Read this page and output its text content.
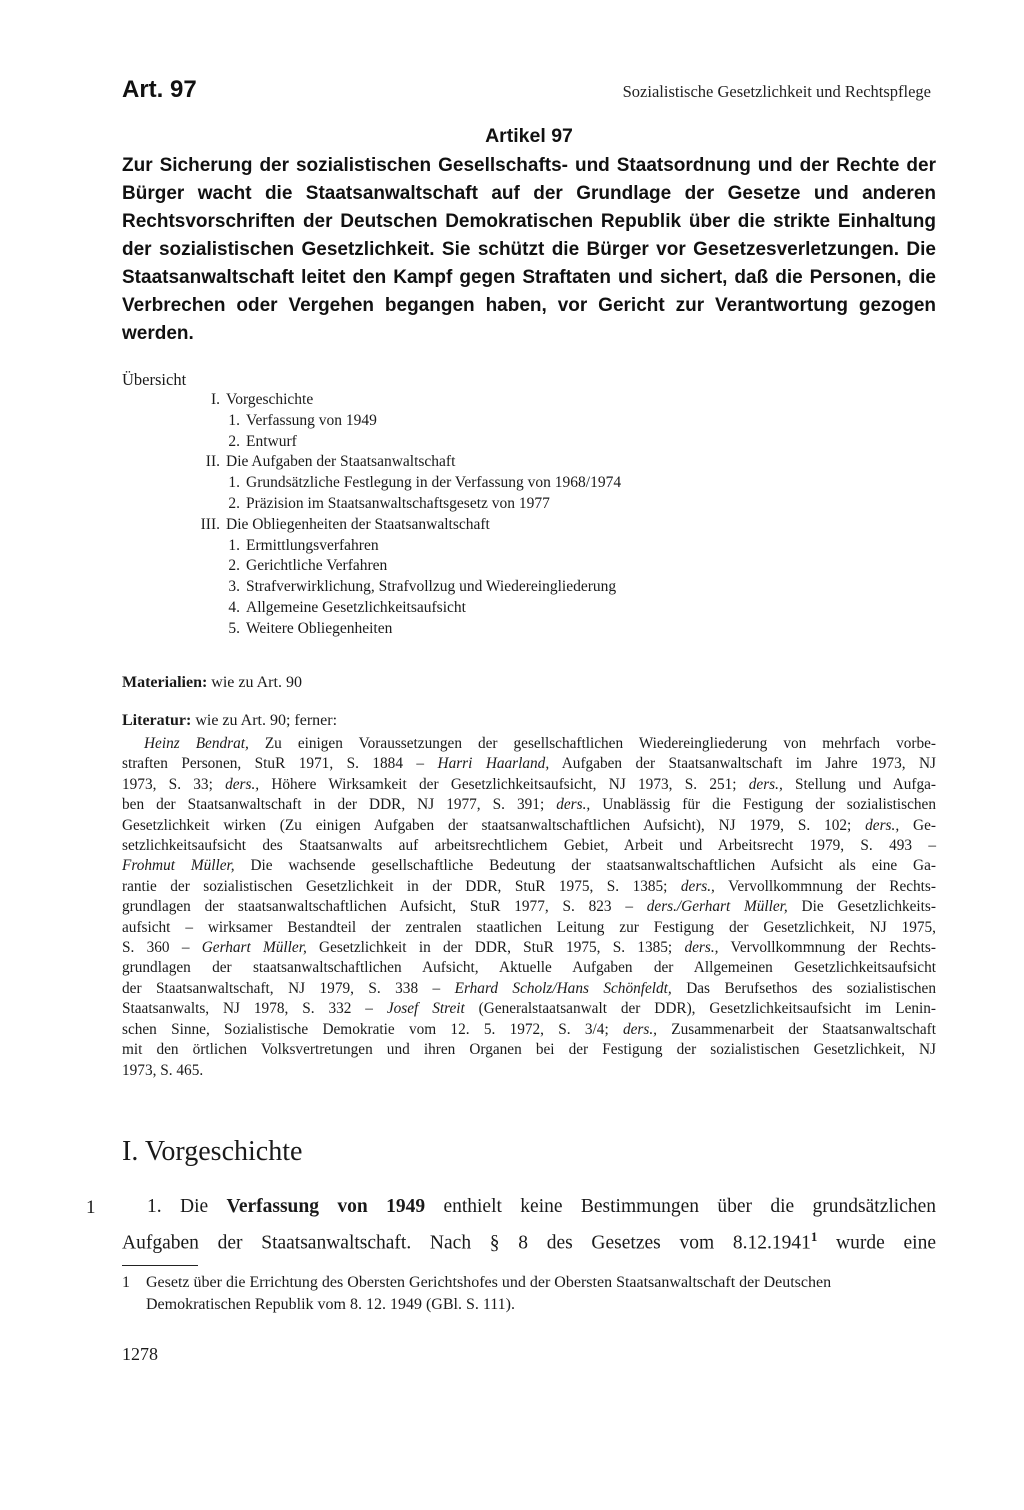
Art. 97	Sozialistische Gesetzlichkeit und Rechtspflege
Artikel 97
Zur Sicherung der sozialistischen Gesellschafts- und Staatsordnung und der Rechte der Bürger wacht die Staatsanwaltschaft auf der Grundlage der Gesetze und anderen Rechtsvorschriften der Deutschen Demokratischen Republik über die strikte Einhaltung der sozialistischen Gesetzlichkeit. Sie schützt die Bürger vor Gesetzesverletzungen. Die Staatsanwaltschaft leitet den Kampf gegen Straftaten und sichert, daß die Personen, die Verbrechen oder Vergehen begangen haben, vor Gericht zur Verantwortung gezogen werden.
Übersicht
I. Vorgeschichte
1. Verfassung von 1949
2. Entwurf
II. Die Aufgaben der Staatsanwaltschaft
1. Grundsätzliche Festlegung in der Verfassung von 1968/1974
2. Präzision im Staatsanwaltschaftsgesetz von 1977
III. Die Obliegenheiten der Staatsanwaltschaft
1. Ermittlungsverfahren
2. Gerichtliche Verfahren
3. Strafverwirklichung, Strafvollzug und Wiedereingliederung
4. Allgemeine Gesetzlichkeitsaufsicht
5. Weitere Obliegenheiten
Materialien: wie zu Art. 90
Literatur: wie zu Art. 90; ferner:
Heinz Bendrat, Zu einigen Voraussetzungen der gesellschaftlichen Wiedereingliederung von mehrfach vorbe-
straften Personen, StuR 1971, S. 1884 – Harri Haarland, Aufgaben der Staatsanwaltschaft im Jahre 1973, NJ
1973, S. 33; ders., Höhere Wirksamkeit der Gesetzlichkeitsaufsicht, NJ 1973, S. 251; ders., Stellung und Aufga-
ben der Staatsanwaltschaft in der DDR, NJ 1977, S. 391; ders., Unablässig für die Festigung der sozialistischen
Gesetzlichkeit wirken (Zu einigen Aufgaben der staatsanwaltschaftlichen Aufsicht), NJ 1979, S. 102; ders., Ge-
setzlichkeitsaufsicht des Staatsanwalts auf arbeitsrechtlichem Gebiet, Arbeit und Arbeitsrecht 1979, S. 493 –
Frohmut Müller, Die wachsende gesellschaftliche Bedeutung der staatsanwaltschaftlichen Aufsicht als eine Ga-
rantie der sozialistischen Gesetzlichkeit in der DDR, StuR 1975, S. 1385; ders., Vervollkommnung der Rechts-
grundlagen der staatsanwaltschaftlichen Aufsicht, StuR 1977, S. 823 – ders./Gerhart Müller, Die Gesetzlichkeits-
aufsicht – wirksamer Bestandteil der zentralen staatlichen Leitung zur Festigung der Gesetzlichkeit, NJ 1975,
S. 360 – Gerhart Müller, Gesetzlichkeit in der DDR, StuR 1975, S. 1385; ders., Vervollkommnung der Rechts-
grundlagen der staatsanwaltschaftlichen Aufsicht, Aktuelle Aufgaben der Allgemeinen Gesetzlichkeitsaufsicht
der Staatsanwaltschaft, NJ 1979, S. 338 – Erhard Scholz/Hans Schönfeldt, Das Berufsethos des sozialistischen
Staatsanwalts, NJ 1978, S. 332 – Josef Streit (Generalstaatsanwalt der DDR), Gesetzlichkeitsaufsicht im Lenin-
schen Sinne, Sozialistische Demokratie vom 12. 5. 1972, S. 3/4; ders., Zusammenarbeit der Staatsanwaltschaft
mit den örtlichen Volksvertretungen und ihren Organen bei der Festigung der sozialistischen Gesetzlichkeit, NJ
1973, S. 465.
I. Vorgeschichte
1	1. Die Verfassung von 1949 enthielt keine Bestimmungen über die grundsätzlichen
Aufgaben der Staatsanwaltschaft. Nach § 8 des Gesetzes vom 8.12.1941$^1$ wurde eine
1	Gesetz über die Errichtung des Obersten Gerichtshofes und der Obersten Staatsanwaltschaft der Deutschen Demokratischen Republik vom 8. 12. 1949 (GBl. S. 111).
1278
